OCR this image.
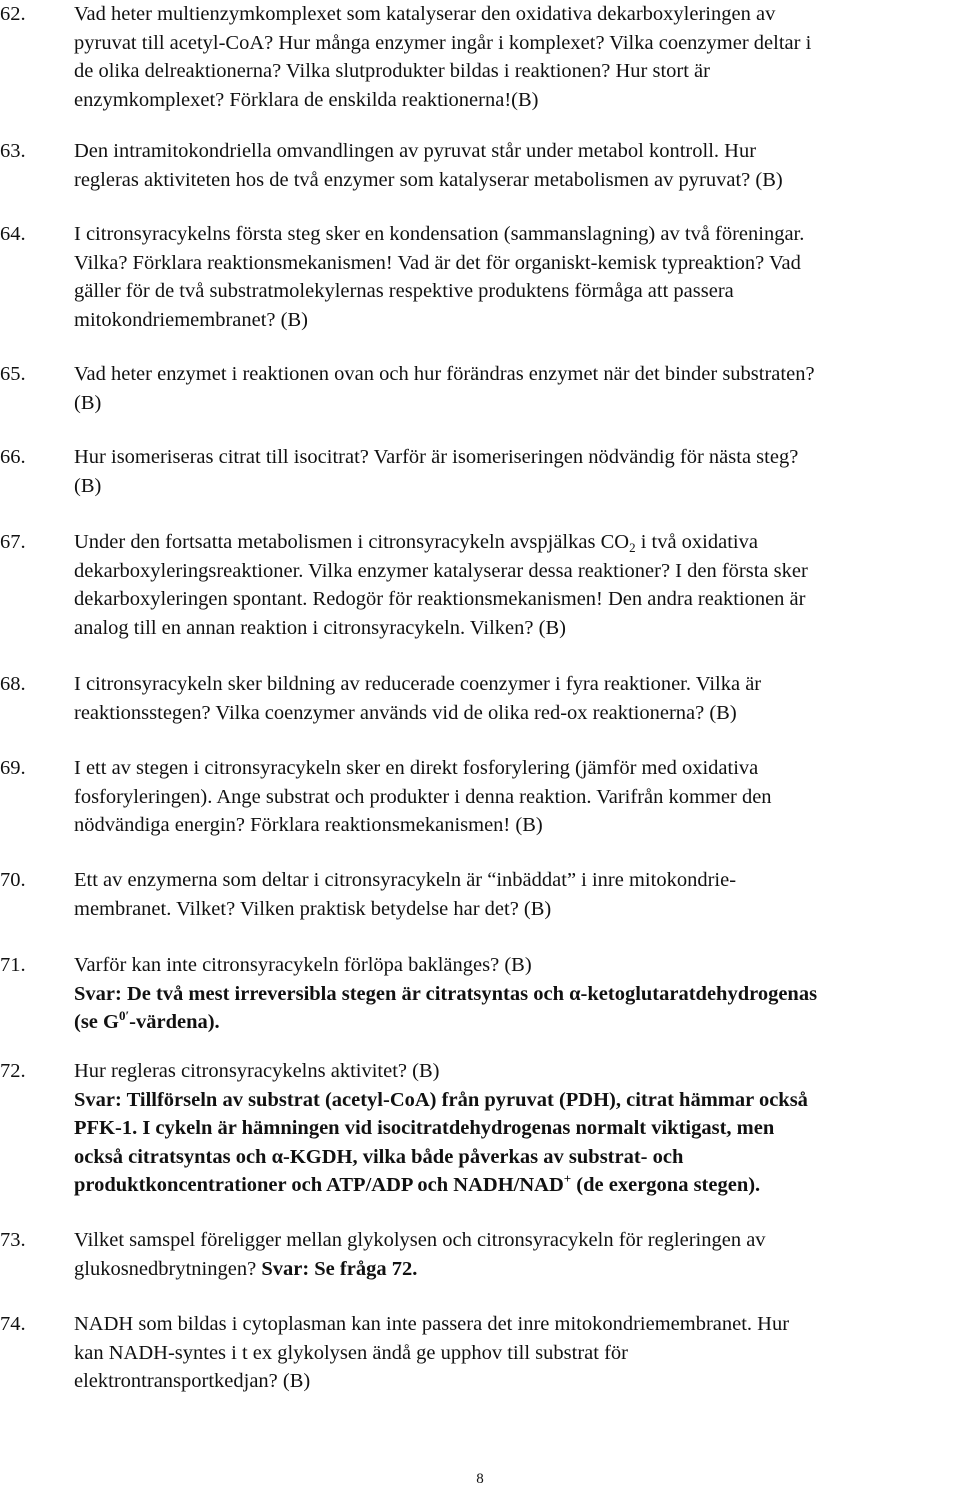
62.	Vad heter multienzymkomplexet som katalyserar den oxidativa dekarboxyleringen av
pyruvat till acetyl-CoA? Hur många enzymer ingår i komplexet? Vilka coenzymer deltar i
de olika delreaktionerna? Vilka slutprodukter bildas i reaktionen? Hur stort är
enzymkomplexet? Förklara de enskilda reaktionerna!(B)
63.	Den intramitokondriella omvandlingen av pyruvat står under metabol kontroll. Hur
regleras aktiviteten hos de två enzymer som katalyserar metabolismen av pyruvat? (B)
64.	I citronsyracykelns första steg sker en kondensation (sammanslagning) av två föreningar.
Vilka? Förklara reaktionsmekanismen! Vad är det för organiskt-kemisk typreaktion? Vad
gäller för de två substratmolekylernas respektive produktens förmåga att passera
mitokondriemembranet? (B)
65.	Vad heter enzymet i reaktionen ovan och hur förändras enzymet när det binder substraten?
(B)
66.	Hur isomeriseras citrat till isocitrat? Varför är isomeriseringen nödvändig för nästa steg?
(B)
67.	Under den fortsatta metabolismen i citronsyracykeln avspjälkas $CO_2$ i två oxidativa
dekarboxyleringsreaktioner. Vilka enzymer katalyserar dessa reaktioner? I den första sker
dekarboxyleringen spontant. Redogör för reaktionsmekanismen! Den andra reaktionen är
analog till en annan reaktion i citronsyracykeln. Vilken? (B)
68.	I citronsyracykeln sker bildning av reducerade coenzymer i fyra reaktioner. Vilka är
reaktionsstegen? Vilka coenzymer används vid de olika red-ox reaktionerna? (B)
69.	I ett av stegen i citronsyracykeln sker en direkt fosforylering (jämför med oxidativa
fosforyleringen). Ange substrat och produkter i denna reaktion. Varifrån kommer den
nödvändiga energin? Förklara reaktionsmekanismen! (B)
70.	Ett av enzymerna som deltar i citronsyracykeln är “inbäddat” i inre mitokondrie-
membranet. Vilket? Vilken praktisk betydelse har det? (B)
71.	Varför kan inte citronsyracykeln förlöpa baklänges? (B)
Svar: De två mest irreversibla stegen är citratsyntas och α-ketoglutaratdehydrogenas
(se $G^{0'}-värdena$).
72.	Hur regleras citronsyracykelns aktivitet? (B)
Svar: Tillförseln av substrat (acetyl-CoA) från pyruvat (PDH), citrat hämmar också
PFK-1. I cykeln är hämningen vid isocitratdehydrogenas normalt viktigast, men
också citratsyntas och α-KGDH, vilka både påverkas av substrat- och
produktkoncentrationer och ATP/ADP och NADH/NAD+ (de exergona stegen).
73.	Vilket samspel föreligger mellan glykolysen och citronsyracykeln för regleringen av
glukosnedbrytningen? Svar: Se fråga 72.
74.	NADH som bildas i cytoplasman kan inte passera det inre mitokondriemembranet. Hur
kan NADH-syntes i t ex glykolysen ändå ge upphov till substrat för
elektrontransportkedjan? (B)
8
